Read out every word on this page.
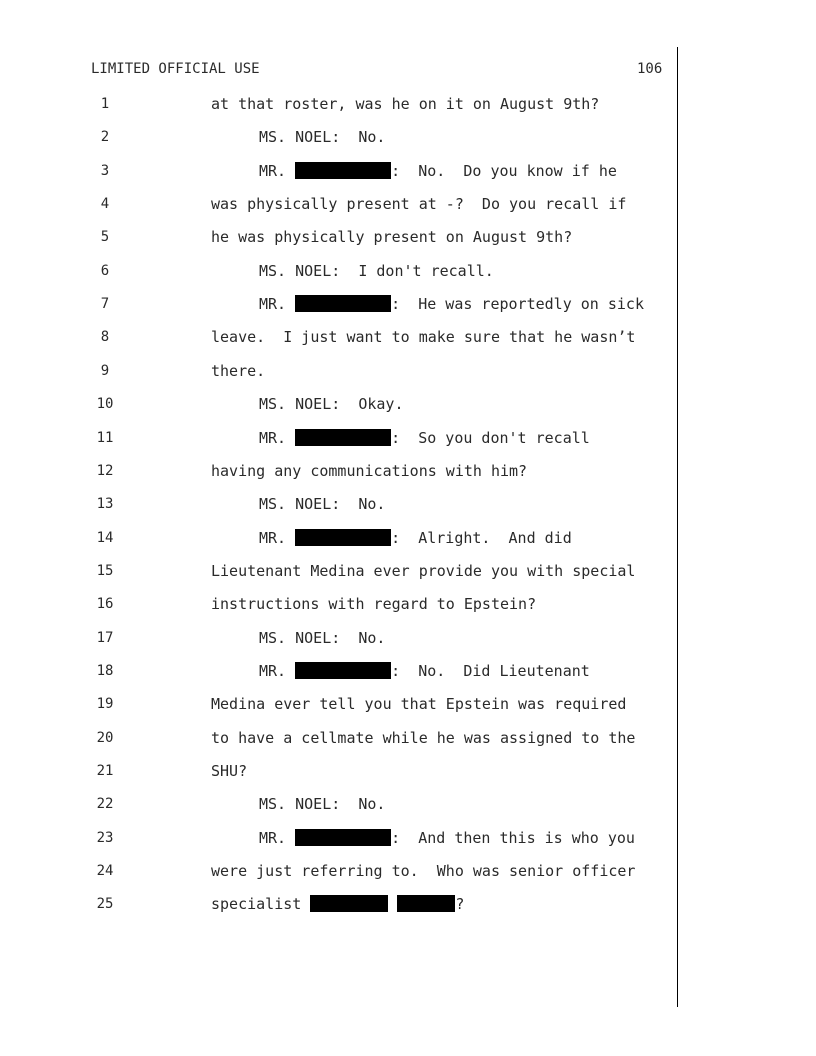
LIMITED OFFICIAL USE	106
1	at that roster, was he on it on August 9th?
2	MS. NOEL:  No.
3	MR.	:  No.  Do you know if he
4	was physically present at -?  Do you recall if
5	he was physically present on August 9th?
6	MS. NOEL:  I don't recall.
7	MR.	:  He was reportedly on sick
8	leave.  I just want to make sure that he wasn’t
9	there.
10	MS. NOEL:  Okay.
11	MR.	:  So you don't recall
12	having any communications with him?
13	MS. NOEL:  No.
14	MR.	:  Alright.  And did
15	Lieutenant Medina ever provide you with special
16	instructions with regard to Epstein?
17	MS. NOEL:  No.
18	MR.	:  No.  Did Lieutenant
19	Medina ever tell you that Epstein was required
20	to have a cellmate while he was assigned to the
21	SHU?
22	MS. NOEL:  No.
23	MR.	:  And then this is who you
24	were just referring to.  Who was senior officer
25	specialist	?
